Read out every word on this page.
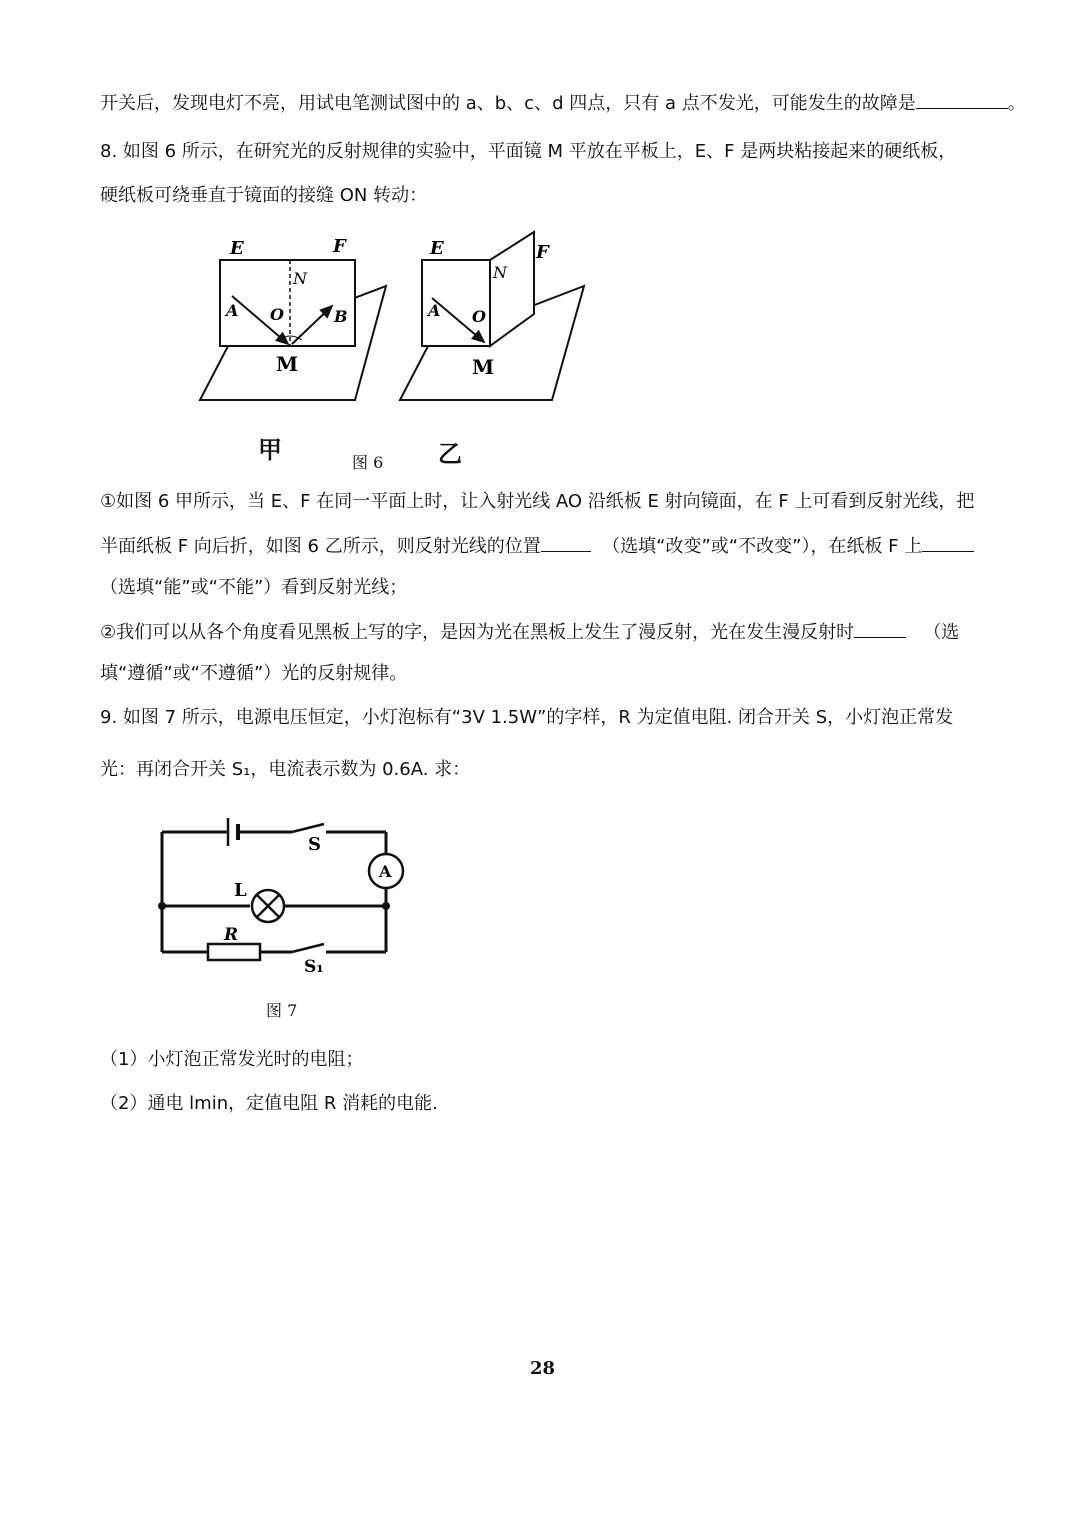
开关后，发现电灯不亮，用试电笔测试图中的 a、b、c、d 四点，只有 a 点不发光，可能发生的故障是	。
8. 如图 6 所示，在研究光的反射规律的实验中，平面镜 M 平放在平板上，E、F 是两块粘接起来的硬纸板，
硬纸板可绕垂直于镜面的接缝 ON 转动：
E	F
N
A O	B
M
E	F
N
A O
M
甲	图 6 乙
①如图 6 甲所示，当 E、F 在同一平面上时，让入射光线 AO 沿纸板 E 射向镜面，在 F 上可看到反射光线，把
半面纸板 F 向后折，如图 6 乙所示，则反射光线的位置	（选填“改变”或“不改变”），在纸板 F 上
（选填“能”或“不能”）看到反射光线；
②我们可以从各个角度看见黑板上写的字，是因为光在黑板上发生了漫反射，光在发生漫反射时	（选
填“遵循”或“不遵循”）光的反射规律。
9. 如图 7 所示，电源电压恒定，小灯泡标有“3V 1.5W”的字样，R 为定值电阻. 闭合开关 S，小灯泡正常发
光：再闭合开关 S₁，电流表示数为 0.6A. 求：
S
A
L
R
S₁
图 7
（1）小灯泡正常发光时的电阻；
（2）通电 lmin，定值电阻 R 消耗的电能.
28
